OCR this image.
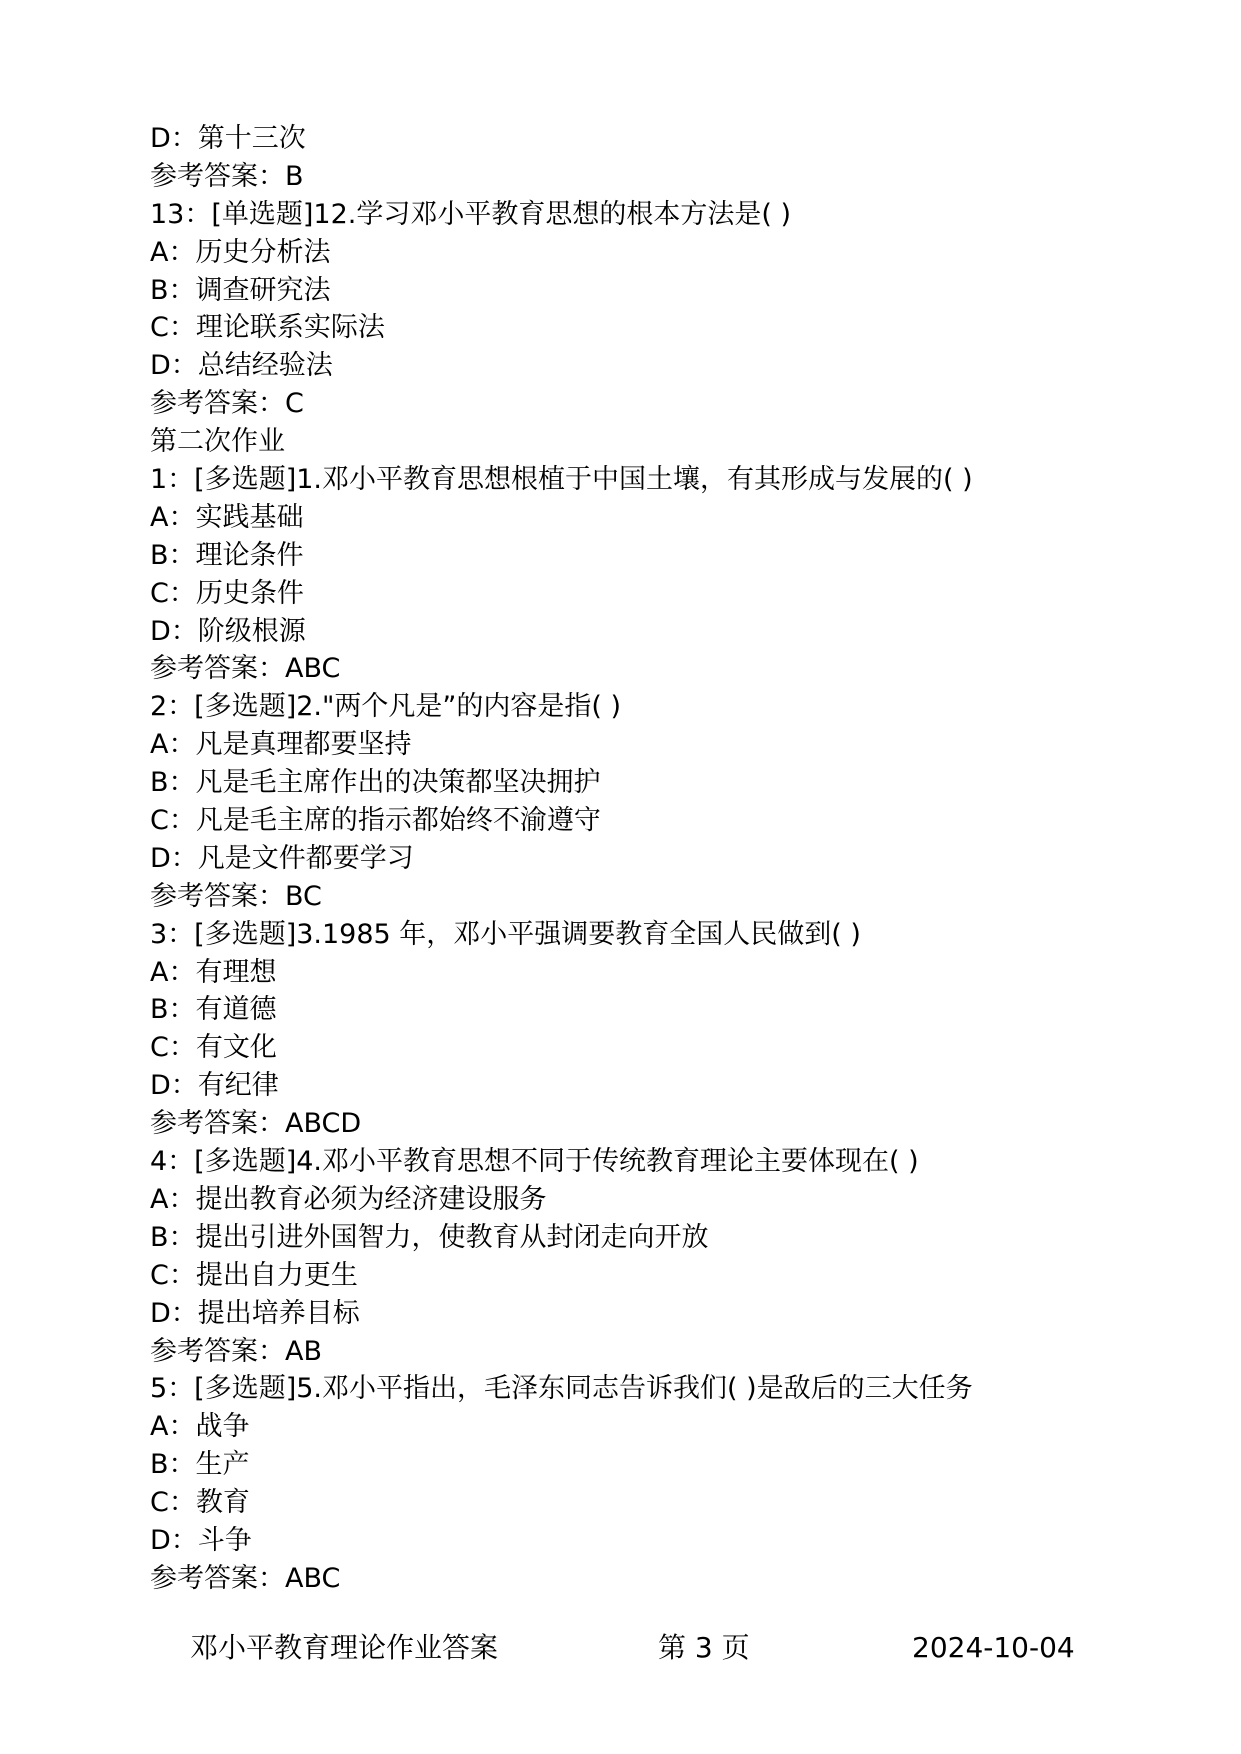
D：第十三次
参考答案：B
13：[单选题]12.学习邓小平教育思想的根本方法是( )
A：历史分析法
B：调查研究法
C：理论联系实际法
D：总结经验法
参考答案：C
第二次作业
1：[多选题]1.邓小平教育思想根植于中国土壤，有其形成与发展的( )
A：实践基础
B：理论条件
C：历史条件
D：阶级根源
参考答案：ABC
2：[多选题]2."两个凡是”的内容是指( )
A：凡是真理都要坚持
B：凡是毛主席作出的决策都坚决拥护
C：凡是毛主席的指示都始终不渝遵守
D：凡是文件都要学习
参考答案：BC
3：[多选题]3.1985 年，邓小平强调要教育全国人民做到( )
A：有理想
B：有道德
C：有文化
D：有纪律
参考答案：ABCD
4：[多选题]4.邓小平教育思想不同于传统教育理论主要体现在( )
A：提出教育必须为经济建设服务
B：提出引进外国智力，使教育从封闭走向开放
C：提出自力更生
D：提出培养目标
参考答案：AB
5：[多选题]5.邓小平指出，毛泽东同志告诉我们( )是敌后的三大任务
A：战争
B：生产
C：教育
D：斗争
参考答案：ABC
邓小平教育理论作业答案	第 3 页	2024-10-04
